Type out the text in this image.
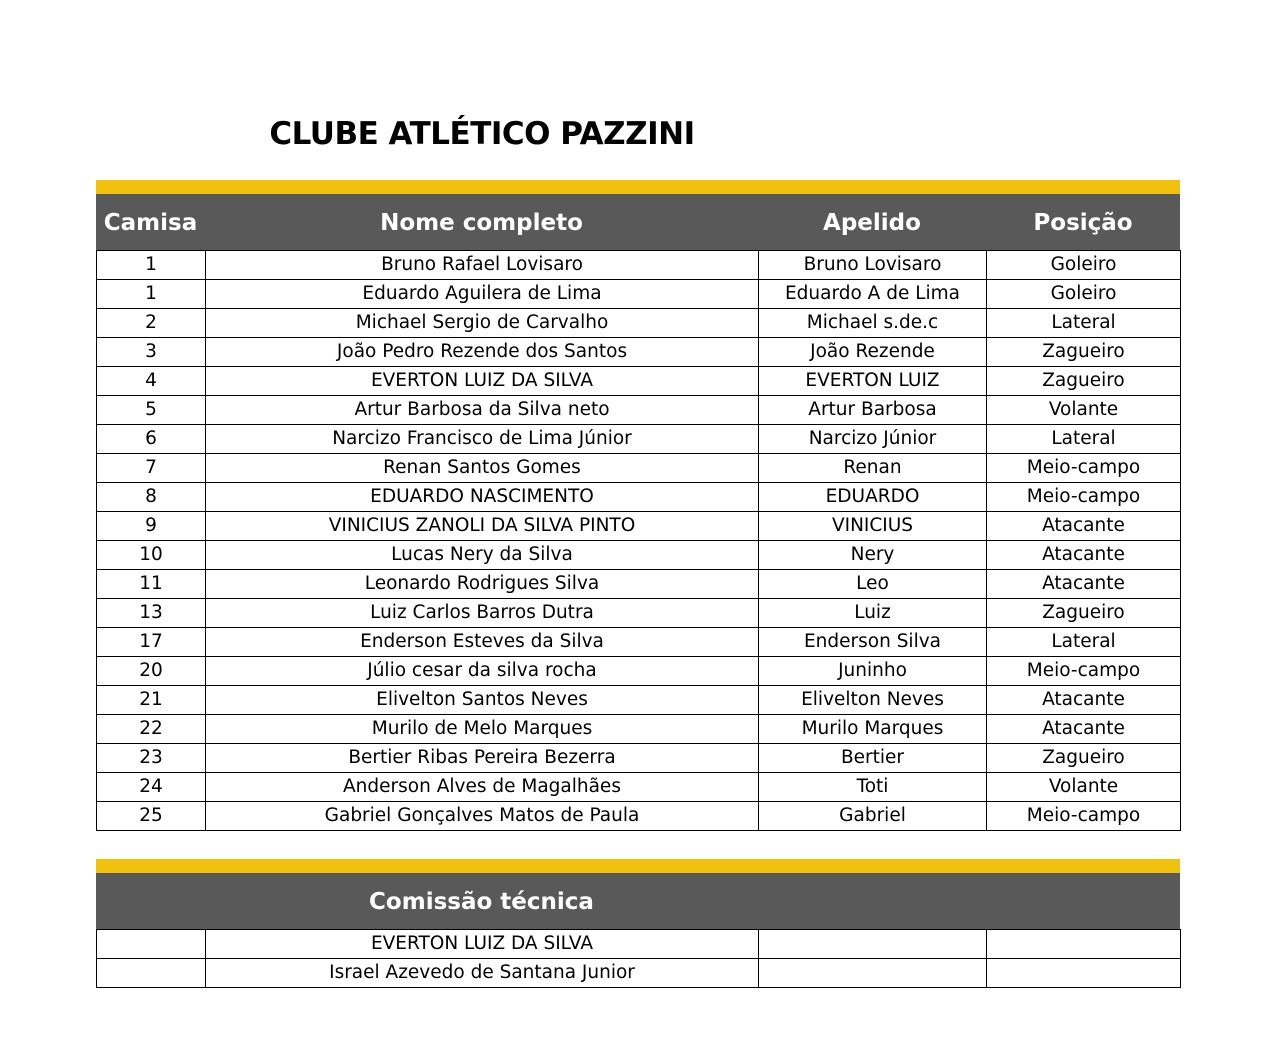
CLUBE ATLÉTICO PAZZINI
Camisa	Nome completo	Apelido	Posição
1	Bruno Rafael Lovisaro	Bruno Lovisaro	Goleiro
1	Eduardo Aguilera de Lima	Eduardo A de Lima	Goleiro
2	Michael Sergio de Carvalho	Michael s.de.c	Lateral
3	João Pedro Rezende dos Santos	João Rezende	Zagueiro
4	EVERTON LUIZ DA SILVA	EVERTON LUIZ	Zagueiro
5	Artur Barbosa da Silva neto	Artur Barbosa	Volante
6	Narcizo Francisco de Lima Júnior	Narcizo Júnior	Lateral
7	Renan Santos Gomes	Renan	Meio-campo
8	EDUARDO NASCIMENTO	EDUARDO	Meio-campo
9	VINICIUS ZANOLI DA SILVA PINTO	VINICIUS	Atacante
10	Lucas Nery da Silva	Nery	Atacante
11	Leonardo Rodrigues Silva	Leo	Atacante
13	Luiz Carlos Barros Dutra	Luiz	Zagueiro
17	Enderson Esteves da Silva	Enderson Silva	Lateral
20	Júlio cesar da silva rocha	Juninho	Meio-campo
21	Elivelton Santos Neves	Elivelton Neves	Atacante
22	Murilo de Melo Marques	Murilo Marques	Atacante
23	Bertier Ribas Pereira Bezerra	Bertier	Zagueiro
24	Anderson Alves de Magalhães	Toti	Volante
25	Gabriel Gonçalves Matos de Paula	Gabriel	Meio-campo
Comissão técnica
	EVERTON LUIZ DA SILVA		
	Israel Azevedo de Santana Junior		
